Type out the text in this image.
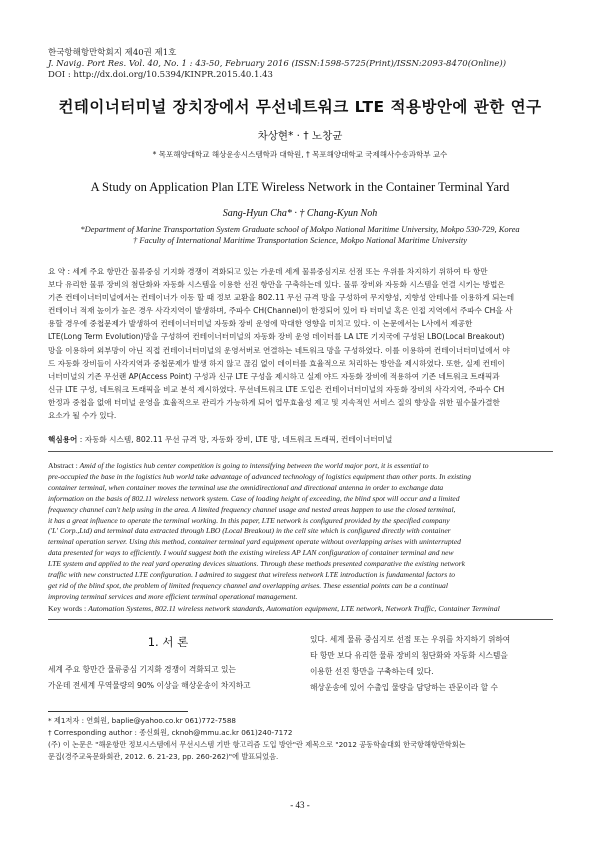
한국항해항만학회지 제40권 제1호
J. Navig. Port Res. Vol. 40, No. 1 : 43-50, February 2016 (ISSN:1598-5725(Print)/ISSN:2093-8470(Online))
DOI : http://dx.doi.org/10.5394/KINPR.2015.40.1.43
컨테이너터미널 장치장에서 무선네트워크 LTE 적용방안에 관한 연구
차상현* · † 노창균
* 목포해양대학교 해상운송시스템학과 대학원, † 목포해양대학교 국제해사수송과학부 교수
A Study on Application Plan LTE Wireless Network in the Container Terminal Yard
Sang-Hyun Cha* · † Chang-Kyun Noh
*Department of Marine Transportation System Graduate school of Mokpo National Maritime University, Mokpo 530-729, Korea
† Faculty of International Maritime Transportation Science, Mokpo National Maritime University
요 약 : 세계 주요 항만간 물류중심 기지화 경쟁이 격화되고 있는 가운데 세계 물류중심지로 선점 또는 우위를 차지하기 위하여 타 항만
보다 유리한 물류 장비의 첨단화와 자동화 시스템을 이용한 선진 항만을 구축하는데 있다. 물류 장비와 자동화 시스템을 연결 시키는 방법은
기존 컨테이너터미널에서는 컨테이너가 이동 할 때 정보 교환을 802.11 무선 규격 망을 구성하여 무지향성, 지향성 안테나를 이용하게 되는데
컨테이너 적재 높이가 높은 경우 사각지역이 발생하며, 주파수 CH(Channel)이 한정되어 있어 타 터미널 혹은 인접 지역에서 주파수 CH을 사
용할 경우에 중첩문제가 발생하여 컨테이너터미널 자동화 장비 운영에 막대한 영향을 미치고 있다. 이 논문에서는 L사에서 제공한
LTE(Long Term Evolution)망을 구성하여 컨테이너터미널의 자동화 장비 운영 데이터를 LA LTE 기지국에 구성된 LBO(Local Breakout)
망을 이용하여 외부망이 아닌 직접 컨테이너터미널의 운영서버로 연결하는 네트워크 망을 구성하였다. 이를 이용하여 컨테이너터미널에서 야
드 자동화 장비들이 사각지역과 중첩문제가 발생 하지 않고 끊김 없이 데이터를 효율적으로 처리하는 방안을 제시하였다. 또한, 실제 컨테이
너터미널의 기존 무선랜 AP(Access Point) 구성과 신규 LTE 구성을 제시하고 실제 야드 자동화 장비에 적용하여 기존 네트워크 트래픽과
신규 LTE 구성, 네트워크 트래픽을 비교 분석 제시하였다. 무선네트워크 LTE 도입은 컨테이너터미널의 자동화 장비의 사각지역, 주파수 CH
한정과 중첩을 없애 터미널 운영을 효율적으로 관리가 가능하게 되어 업무효율성 제고 및 지속적인 서비스 질의 향상을 위한 필수불가결한
요소가 될 수가 있다.
핵심용어 : 자동화 시스템, 802.11 무선 규격 망, 자동화 장비, LTE 망, 네트워크 트래픽, 컨테이너터미널
Abstract : Amid of the logistics hub center competition is going to intensifying between the world major port, it is essential to
pre-occupied the base in the logistics hub world take advantage of advanced technology of logistics equipment than other ports. In existing
container terminal, when container moves the terminal use the omnidirectional and directional antenna in order to exchange data
information on the basis of 802.11 wireless network system. Case of loading height of exceeding, the blind spot will occur and a limited
frequency channel can't help using in the area. A limited frequency channel usage and nested areas happen to use the closed terminal,
it has a great influence to operate the terminal working. In this paper, LTE network is configured provided by the specified company
('L' Corp.,Ltd) and terminal data extracted through LBO (Local Breakout) in the cell site which is configured directly with container
terminal operation server. Using this method, container terminal yard equipment operate without overlapping arises with uninterrupted
data presented for ways to efficiently. I would suggest both the existing wireless AP LAN configuration of container terminal and new
LTE system and applied to the real yard operating devices situations. Through these methods presented comparative the existing network
traffic with new constructed LTE configuration. I admired to suggest that wireless network LTE introduction is fundamental factors to
get rid of the blind spot, the problem of limited frequency channel and overlapping arises. These essential points can be a continual
improving terminal services and more efficient terminal operational management.
Key words : Automation Systems, 802.11 wireless network standards, Automation equipment, LTE network, Network Traffic, Container Terminal
1. 서 론
세계 주요 항만간 물류중심 기지화 경쟁이 격화되고 있는
가운데 전세계 무역물량의 90% 이상을 해상운송이 차지하고
있다. 세계 물류 중심지로 선점 또는 우위를 차지하기 위하여
타 항만 보다 유리한 물류 장비의 첨단화와 자동화 시스템을
이용한 선진 항만을 구축하는데 있다.
해상운송에 있어 수출입 물량을 담당하는 관문이라 할 수
* 제1저자 : 연회원, baplie@yahoo.co.kr 061)772-7588
† Corresponding author : 종신회원, cknoh@mmu.ac.kr 061)240-7172
(주) 이 논문은 "해운항만 정보시스템에서 무선시스템 기반 항고리즘 도입 방안"란 제목으로 "2012 공동학술대회 한국항해항만학회논
문집(경주교육문화회관, 2012. 6. 21-23, pp. 260-262)"에 발표되었음.
- 43 -
